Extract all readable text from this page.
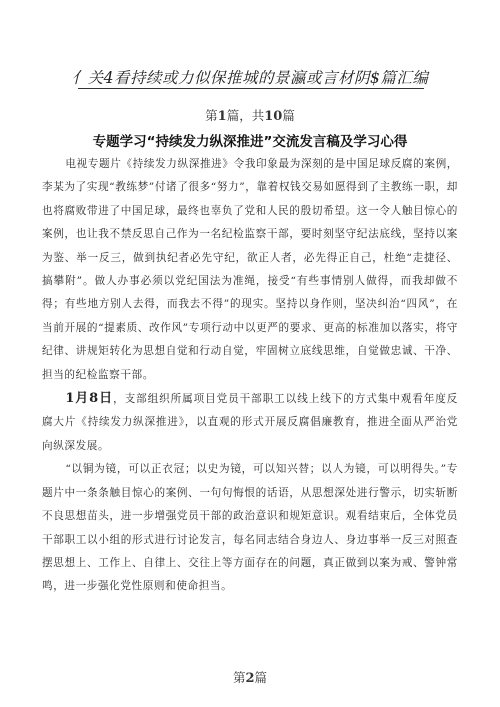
亻关4看持续或力似保推城的景瀛或言材阴$篇汇编
第1篇，共10篇
专题学习“持续发力纵深推进”交流发言稿及学习心得

电视专题片《持续发力纵深推进》令我印象最为深刻的是中国足球反腐的案例，李某为了实现“教练梦”付诸了很多“努力”，靠着权钱交易如愿得到了主教练一职，却也将腐败带进了中国足球，最终也辜负了党和人民的殷切希望。这一令人触目惊心的案例，也让我不禁反思自己作为一名纪检监察干部，要时刻坚守纪法底线，坚持以案为鉴、举一反三，做到执纪者必先守纪，欲正人者，必先得正自己，杜绝“走捷径、搞攀附”。做人办事必须以党纪国法为准绳，接受“有些事情别人做得，而我却做不得；有些地方别人去得，而我去不得”的现实。坚持以身作则，坚决纠治“四风”，在当前开展的“提素质、改作风”专项行动中以更严的要求、更高的标准加以落实，将守纪律、讲规矩转化为思想自觉和行动自觉，牢固树立底线思维，自觉做忠诚、干净、担当的纪检监察干部。

1月8日，支部组织所属项目党员干部职工以线上线下的方式集中观看年度反腐大片《持续发力纵深推进》，以直观的形式开展反腐倡廉教育，推进全面从严治党向纵深发展。

“以铜为镜，可以正衣冠；以史为镜，可以知兴替；以人为镜，可以明得失。”专题片中一条条触目惊心的案例、一句句悔恨的话语，从思想深处进行警示，切实斩断不良思想苗头，进一步增强党员干部的政治意识和规矩意识。观看结束后，全体党员干部职工以小组的形式进行讨论发言，每名同志结合身边人、身边事举一反三对照查摆思想上、工作上、自律上、交往上等方面存在的问题，真正做到以案为戒、警钟常鸣，进一步强化党性原则和使命担当。

第2篇
